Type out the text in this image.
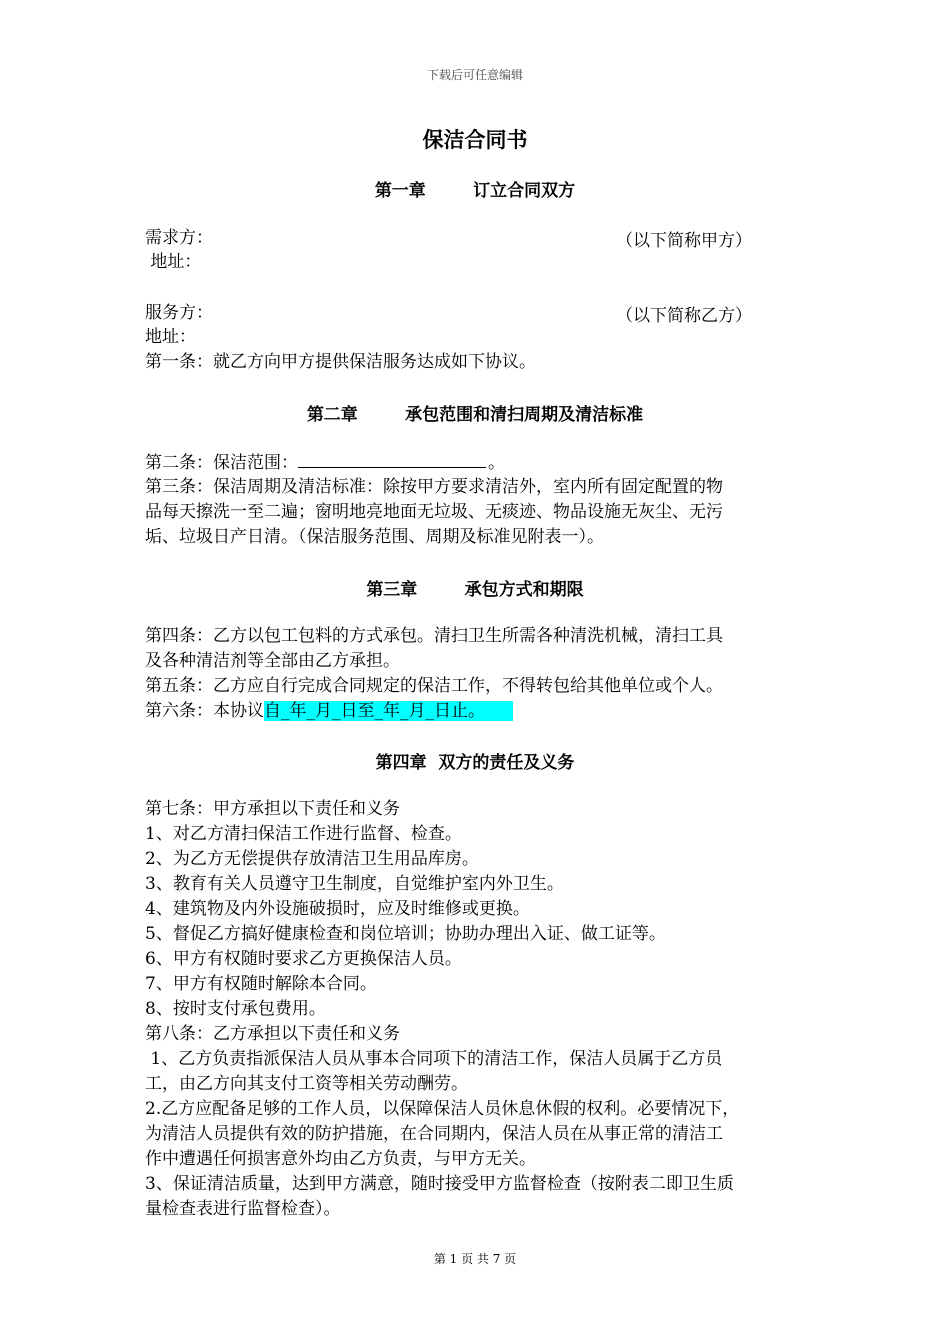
下载后可任意编辑
保洁合同书
第一章        订立合同双方
需求方：	（以下简称甲方）
地址：
服务方：	（以下简称乙方）
地址：
第一条：就乙方向甲方提供保洁服务达成如下协议。
第二章        承包范围和清扫周期及清洁标准
第二条：保洁范围：	。
第三条：保洁周期及清洁标准：除按甲方要求清洁外，室内所有固定配置的物
品每天擦洗一至二遍；窗明地亮地面无垃圾、无痰迹、物品设施无灰尘、无污
垢、垃圾日产日清。（保洁服务范围、周期及标准见附表一）。
第三章        承包方式和期限
第四条：乙方以包工包料的方式承包。清扫卫生所需各种清洗机械，清扫工具
及各种清洁剂等全部由乙方承担。
第五条：乙方应自行完成合同规定的保洁工作，不得转包给其他单位或个人。
第六条：本协议自_年_月_日至_年_月_日止。
第四章  双方的责任及义务
第七条：甲方承担以下责任和义务
1、对乙方清扫保洁工作进行监督、检查。
2、为乙方无偿提供存放清洁卫生用品库房。
3、教育有关人员遵守卫生制度，自觉维护室内外卫生。
4、建筑物及内外设施破损时，应及时维修或更换。
5、督促乙方搞好健康检查和岗位培训；协助办理出入证、做工证等。
6、甲方有权随时要求乙方更换保洁人员。
7、甲方有权随时解除本合同。
8、按时支付承包费用。
第八条：乙方承担以下责任和义务
1、乙方负责指派保洁人员从事本合同项下的清洁工作，保洁人员属于乙方员
工，由乙方向其支付工资等相关劳动酬劳。
2.乙方应配备足够的工作人员，以保障保洁人员休息休假的权利。必要情况下，
为清洁人员提供有效的防护措施，在合同期内，保洁人员在从事正常的清洁工
作中遭遇任何损害意外均由乙方负责，与甲方无关。
3、保证清洁质量，达到甲方满意，随时接受甲方监督检查（按附表二即卫生质
量检查表进行监督检查）。
第 1 页 共 7 页
